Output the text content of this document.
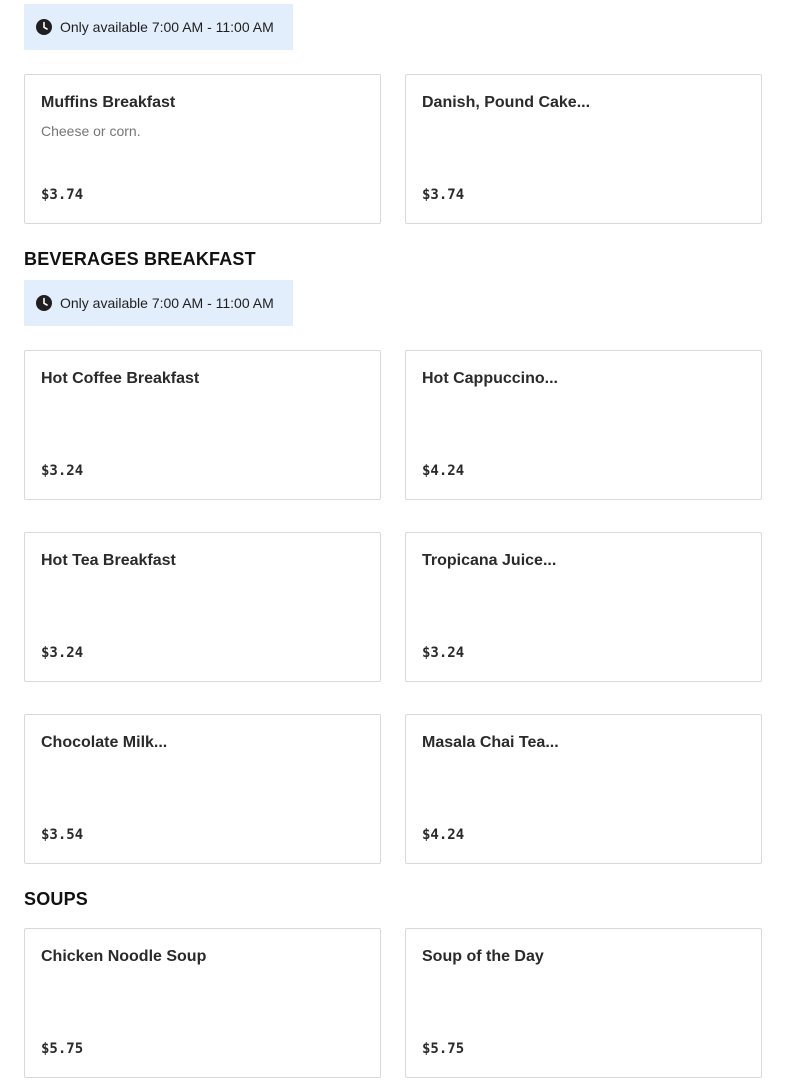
Only available 7:00 AM - 11:00 AM
Muffins Breakfast
Cheese or corn.
$3.74
Danish, Pound Cake...
$3.74
BEVERAGES BREAKFAST
Only available 7:00 AM - 11:00 AM
Hot Coffee Breakfast
$3.24
Hot Cappuccino...
$4.24
Hot Tea Breakfast
$3.24
Tropicana Juice...
$3.24
Chocolate Milk...
$3.54
Masala Chai Tea...
$4.24
SOUPS
Chicken Noodle Soup
$5.75
Soup of the Day
$5.75
